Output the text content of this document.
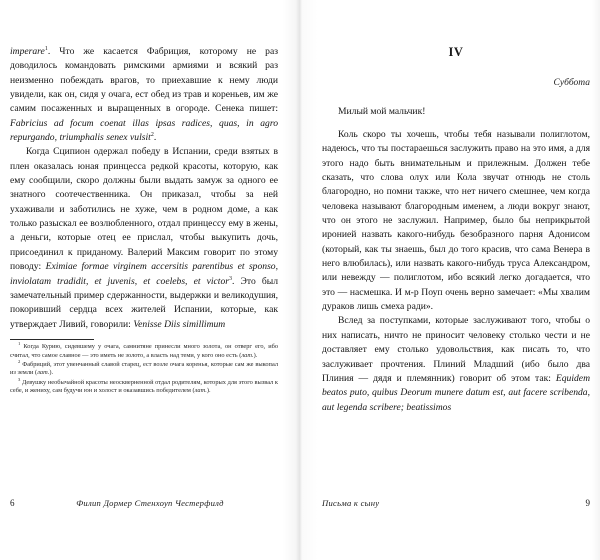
imperare$^1$. Что же касается Фабриция, которому не раз доводилось командовать римскими армиями и всякий раз неизменно побеждать врагов, то приехавшие к нему люди увидели, как он, сидя у очага, ест обед из трав и кореньев, им же самим посаженных и выращенных в огороде. Сенека пишет: Fabricius ad focum coenat illas ipsas radices, quas, in agro repurgando, triumphalis senex vulsit$^2$.

Когда Сципион одержал победу в Испании, среди взятых в плен оказалась юная принцесса редкой красоты, которую, как ему сообщили, скоро должны были выдать замуж за одного ее знатного соотечественника. Он приказал, чтобы за ней ухаживали и заботились не хуже, чем в родном доме, а как только разыскал ее возлюбленного, отдал принцессу ему в жены, а деньги, которые отец ее прислал, чтобы выкупить дочь, присоединил к приданому. Валерий Максим говорит по этому поводу: Eximiae formae virginem accersitis parentibus et sponso, inviolatam tradidit, et juvenis, et coelebs, et victor$^3$. Это был замечательный пример сдержанности, выдержки и великодушия, покоривший сердца всех жителей Испании, которые, как утверждает Ливий, говорили: Venisse Diis simillimum

$^1$ Когда Курию, сидевшему у очага, самнитяне принесли много золота, он отверг его, ибо считал, что самое славное — это иметь не золото, а власть над теми, у кого оно есть (лат.).

$^2$ Фабриций, этот увенчанный славой старец, ест возле очага коренья, которые сам же выкопал из земли (лат.).

$^3$ Девушку необычайной красоты неоскверненной отдал родителям, которых для этого вызвал к себе, и жениху, сам будучи юн и холост и оказавшись победителем (лат.).

6	Филип Дормер Стенхоуп Честерфилд
IV
Суббота
Милый мой мальчик!

Коль скоро ты хочешь, чтобы тебя называли полиглотом, надеюсь, что ты постараешься заслужить право на это имя, а для этого надо быть внимательным и прилежным. Должен тебе сказать, что слова олух или Кола звучат отнюдь не столь благородно, но помни также, что нет ничего смешнее, чем когда человека называют благородным именем, а люди вокруг знают, что он этого не заслужил. Например, было бы неприкрытой иронией назвать какого-нибудь безобразного парня Адонисом (который, как ты знаешь, был до того красив, что сама Венера в него влюбилась), или назвать какого-нибудь труса Александром, или невежду — полиглотом, ибо всякий легко догадается, что это — насмешка. И м-р Поуп очень верно замечает: «Мы хвалим дураков лишь смеха ради».

Вслед за поступками, которые заслуживают того, чтобы о них написать, ничто не приносит человеку столько чести и не доставляет ему столько удовольствия, как писать то, что заслуживает прочтения. Плиний Младший (ибо было два Плиния — дядя и племянник) говорит об этом так: Equidem beatos puto, quibus Deorum munere datum est, aut facere scribenda, aut legenda scribere; beatissimos

Письма к сыну	9
